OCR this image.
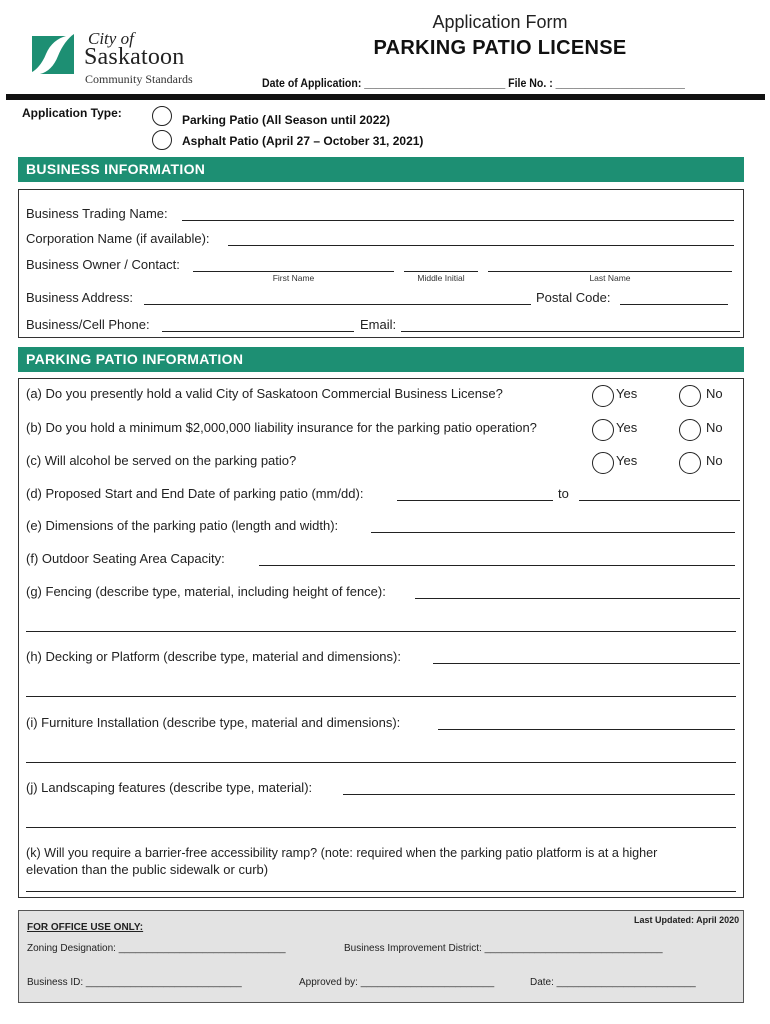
City of
Saskatoon
Community Standards
Application Form
PARKING PATIO LICENSE
Date of Application: ________________________ File No. : ______________________
Application Type:	Parking Patio (All Season until 2022)
Asphalt Patio (April 27 – October 31, 2021)
BUSINESS INFORMATION
Business Trading Name:
Corporation Name (if available):
Business Owner / Contact:
First Name	Middle Initial	Last Name
Business Address:	Postal Code:
Business/Cell Phone:	Email:
PARKING PATIO INFORMATION
(a) Do you presently hold a valid City of Saskatoon Commercial Business License?	Yes	No
(b) Do you hold a minimum $2,000,000 liability insurance for the parking patio operation?	Yes	No
(c) Will alcohol be served on the parking patio?	Yes	No
(d) Proposed Start and End Date of parking patio (mm/dd):	to
(e) Dimensions of the parking patio (length and width):
(f) Outdoor Seating Area Capacity:
(g) Fencing (describe type, material, including height of fence):
(h) Decking or Platform (describe type, material and dimensions):
(i) Furniture Installation (describe type, material and dimensions):
(j) Landscaping features (describe type, material):
(k) Will you require a barrier-free accessibility ramp? (note: required when the parking patio platform is at a higher
elevation than the public sidewalk or curb)
FOR OFFICE USE ONLY:
Last Updated: April 2020
Zoning Designation: ______________________________	Business Improvement District: ________________________________
Business ID: ____________________________	Approved by: ________________________	Date: _________________________
